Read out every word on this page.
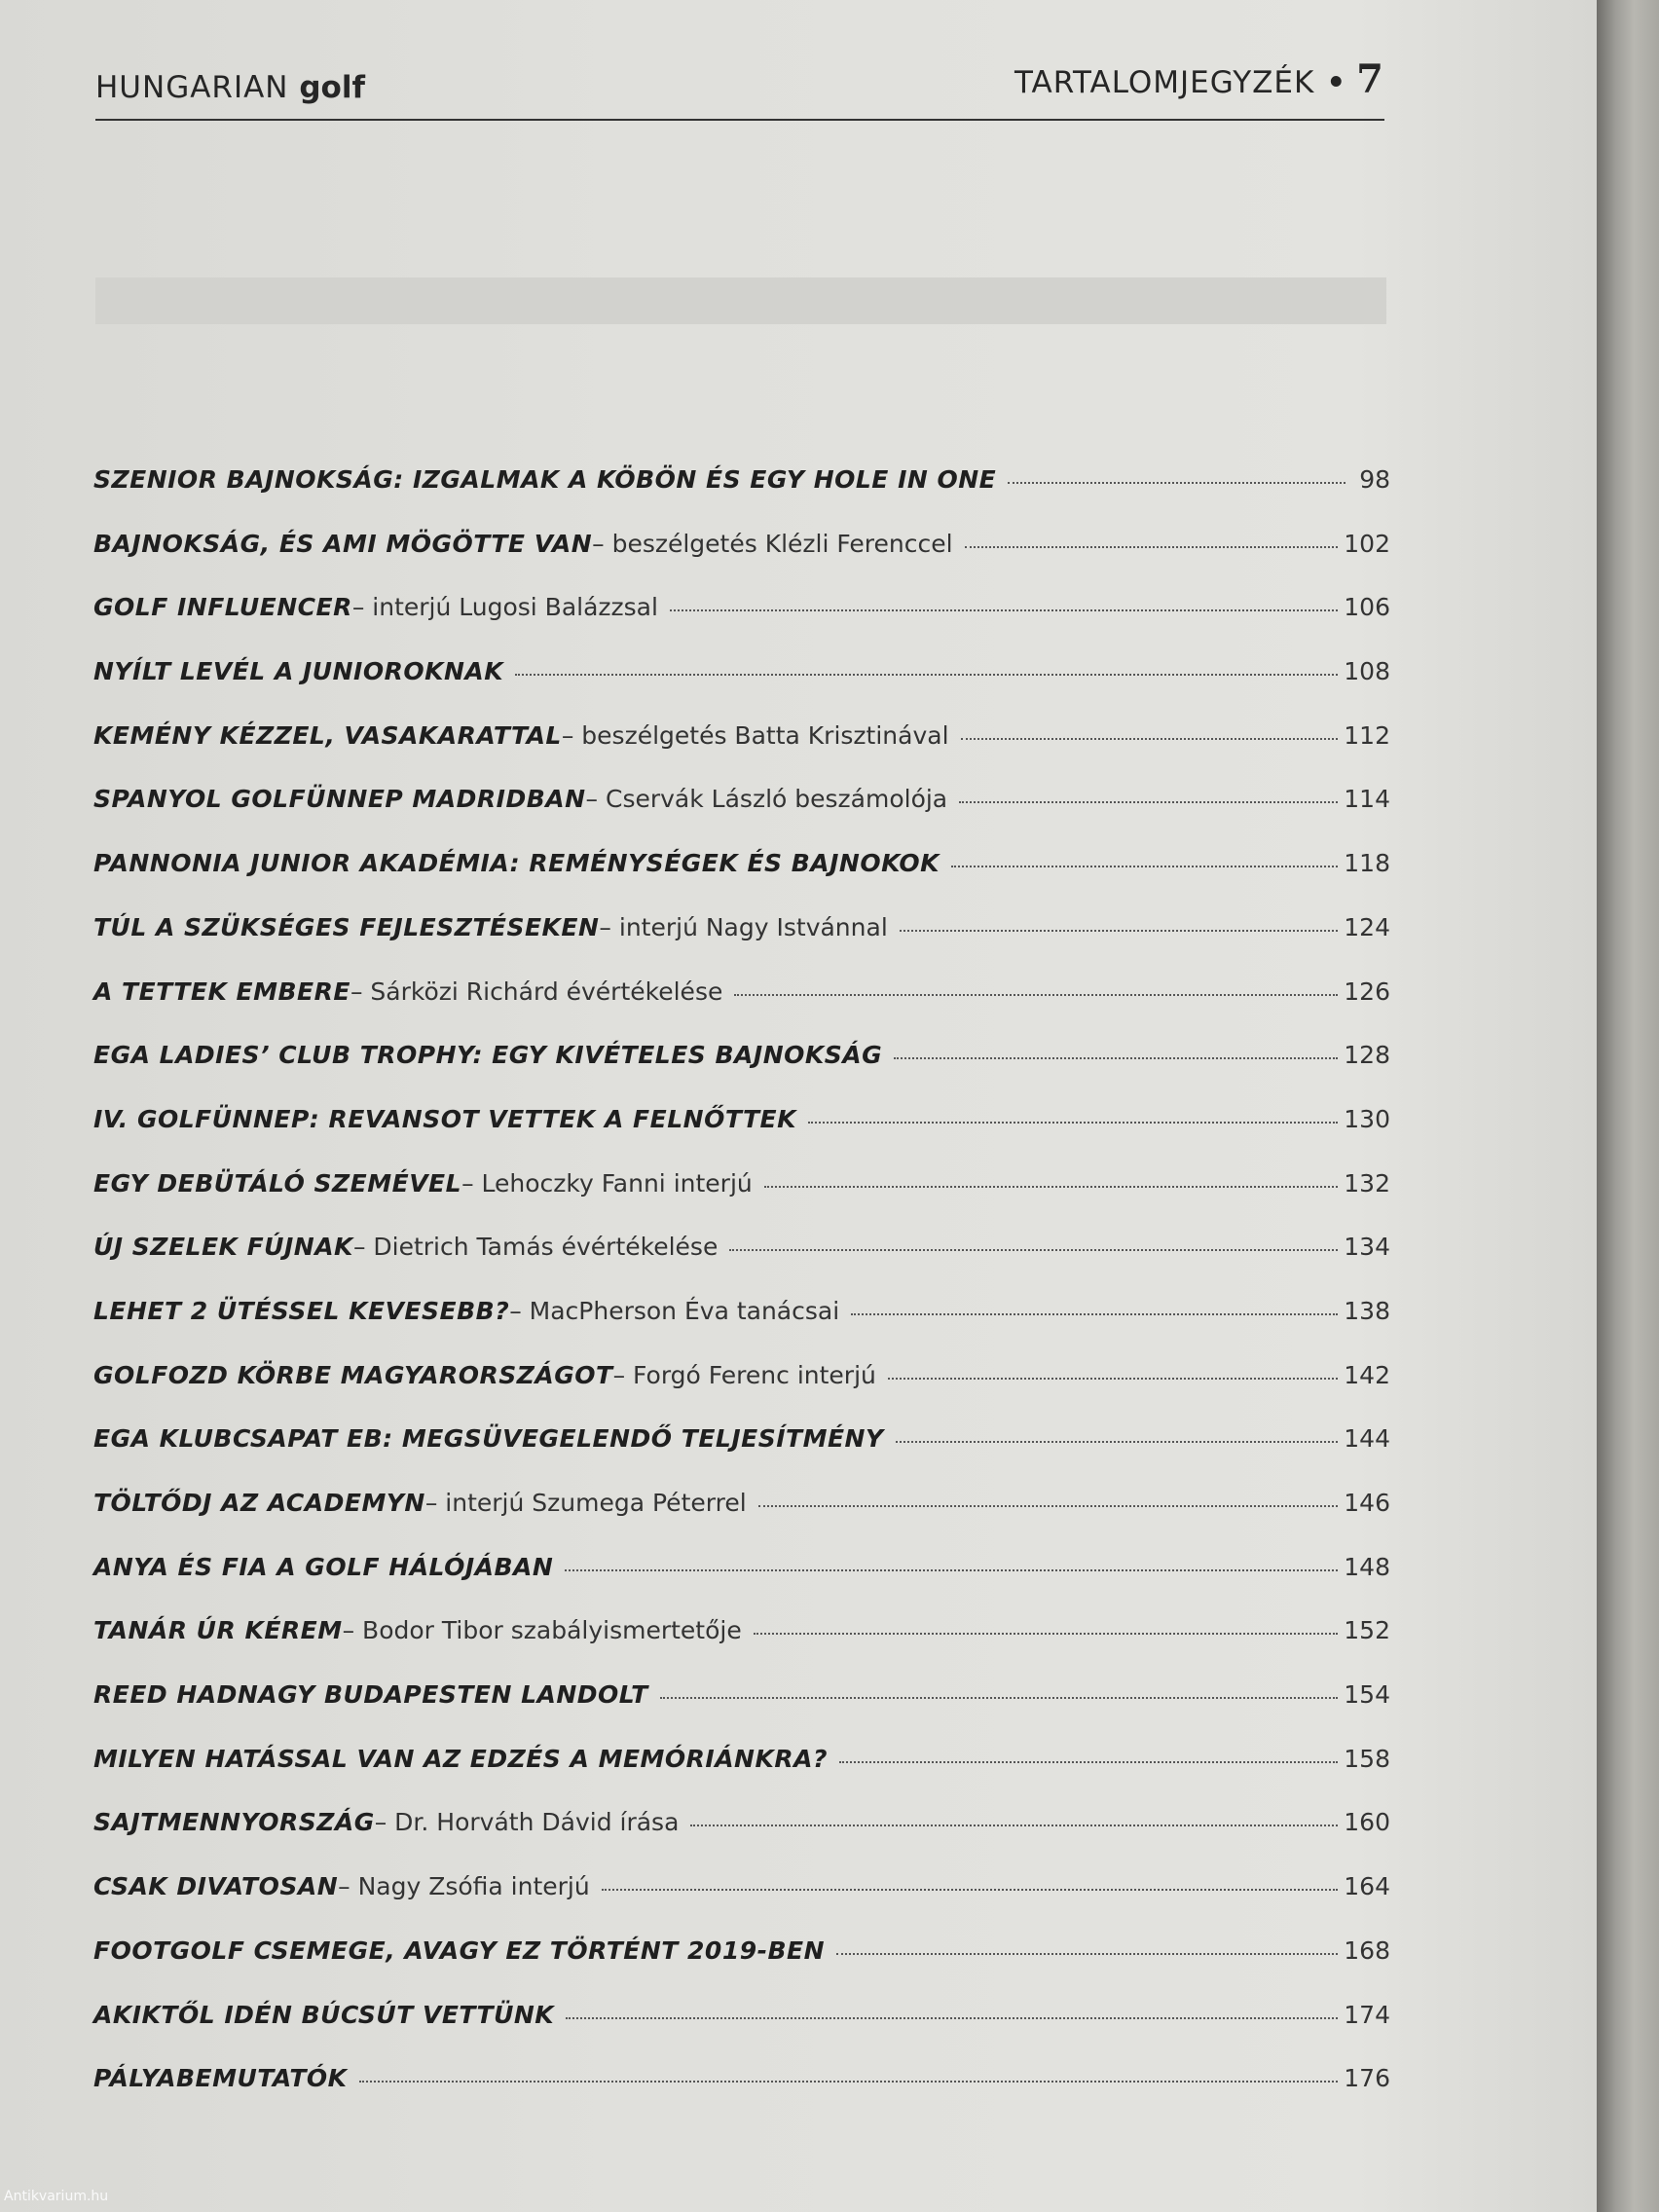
HUNGARIAN golf	TARTALOMJEGYZÉK • 7
SZENIOR BAJNOKSÁG: IZGALMAK A KÖBÖN ÉS EGY HOLE IN ONE	98
BAJNOKSÁG, ÉS AMI MÖGÖTTE VAN – beszélgetés Klézli Ferenccel	102
GOLF INFLUENCER – interjú Lugosi Balázzsal	106
NYÍLT LEVÉL A JUNIOROKNAK	108
KEMÉNY KÉZZEL, VASAKARATTAL – beszélgetés Batta Krisztinával	112
SPANYOL GOLFÜNNEP MADRIDBAN – Cservák László beszámolója	114
PANNONIA JUNIOR AKADÉMIA: REMÉNYSÉGEK ÉS BAJNOKOK	118
TÚL A SZÜKSÉGES FEJLESZTÉSEKEN – interjú Nagy Istvánnal	124
A TETTEK EMBERE – Sárközi Richárd évértékelése	126
EGA LADIES’ CLUB TROPHY: EGY KIVÉTELES BAJNOKSÁG	128
IV. GOLFÜNNEP: REVANSOT VETTEK A FELNŐTTEK	130
EGY DEBÜTÁLÓ SZEMÉVEL – Lehoczky Fanni interjú	132
ÚJ SZELEK FÚJNAK – Dietrich Tamás évértékelése	134
LEHET 2 ÜTÉSSEL KEVESEBB? – MacPherson Éva tanácsai	138
GOLFOZD KÖRBE MAGYARORSZÁGOT – Forgó Ferenc interjú	142
EGA KLUBCSAPAT EB: MEGSÜVEGELENDŐ TELJESÍTMÉNY	144
TÖLTŐDJ AZ ACADEMYN – interjú Szumega Péterrel	146
ANYA ÉS FIA A GOLF HÁLÓJÁBAN	148
TANÁR ÚR KÉREM – Bodor Tibor szabályismertetője	152
REED HADNAGY BUDAPESTEN LANDOLT	154
MILYEN HATÁSSAL VAN AZ EDZÉS A MEMÓRIÁNKRA?	158
SAJTMENNYORSZÁG – Dr. Horváth Dávid írása	160
CSAK DIVATOSAN – Nagy Zsófia interjú	164
FOOTGOLF CSEMEGE, AVAGY EZ TÖRTÉNT 2019-BEN	168
AKIKTŐL IDÉN BÚCSÚT VETTÜNK	174
PÁLYABEMUTATÓK	176
Antikvarium.hu
